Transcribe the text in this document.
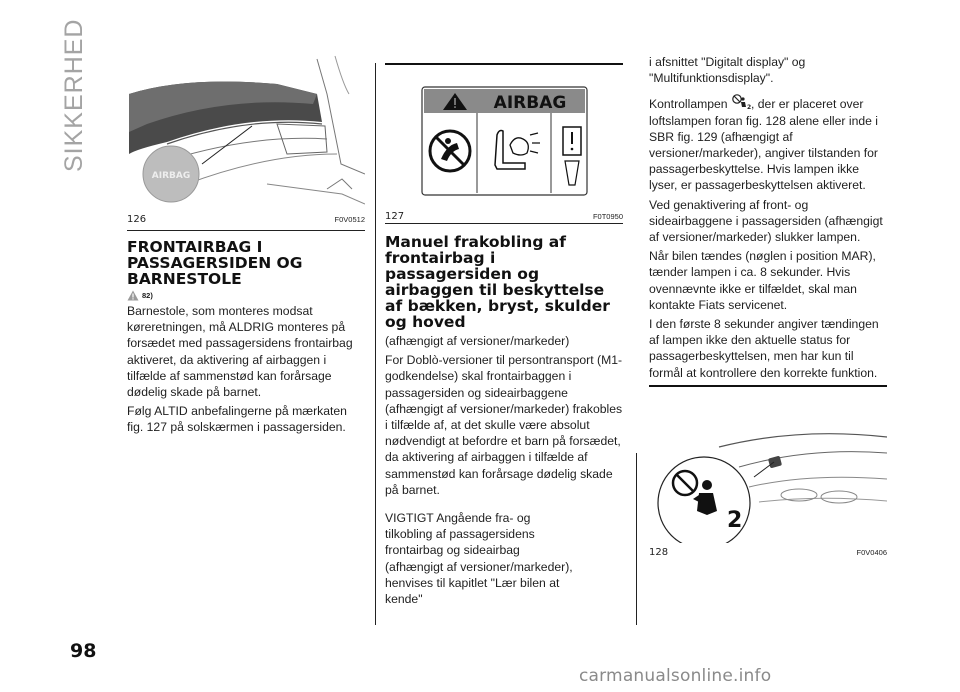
SIKKERHED
98
AIRBAG
126	F0V0512
FRONTAIRBAG I PASSAGERSIDEN OG BARNESTOLE
82)

Barnestole, som monteres modsat køreretningen, må ALDRIG monteres på forsædet med passagersidens frontairbag aktiveret, da aktivering af airbaggen i tilfælde af sammenstød kan forårsage dødelig skade på barnet.

Følg ALTID anbefalingerne på mærkaten fig. 127 på solskærmen i passagersiden.

AIRBAG
127	F0T0950
Manuel frakobling af frontairbag i passagersiden og airbaggen til beskyttelse af bækken, bryst, skulder og hoved

(afhængigt af versioner/markeder)

For Doblò-versioner til persontransport (M1-godkendelse) skal frontairbaggen i passagersiden og sideairbaggene (afhængigt af versioner/markeder) frakobles i tilfælde af, at det skulle være absolut nødvendigt at befordre et barn på forsædet, da aktivering af airbaggen i tilfælde af sammenstød kan forårsage dødelig skade på barnet.

VIGTIGT Angående fra- og tilkobling af passagersidens frontairbag og sideairbag (afhængigt af versioner/markeder), henvises til kapitlet "Lær bilen at kende"

i afsnittet "Digitalt display" og "Multifunktionsdisplay".

Kontrollampen	2 , der er placeret over loftslampen foran fig. 128 alene eller inde i SBR fig. 129 (afhængigt af versioner/markeder), angiver tilstanden for passagerbeskyttelse. Hvis lampen ikke lyser, er passagerbeskyttelsen aktiveret.

Ved genaktivering af front- og sideairbaggene i passagersiden (afhængigt af versioner/markeder) slukker lampen.

Når bilen tændes (nøglen i position MAR), tænder lampen i ca. 8 sekunder. Hvis ovennævnte ikke er tilfældet, skal man kontakte Fiats servicenet.

I den første 8 sekunder angiver tændingen af lampen ikke den aktuelle status for passagerbeskyttelsen, men har kun til formål at kontrollere den korrekte funktion.

2
128	F0V0406
carmanualsonline.info
